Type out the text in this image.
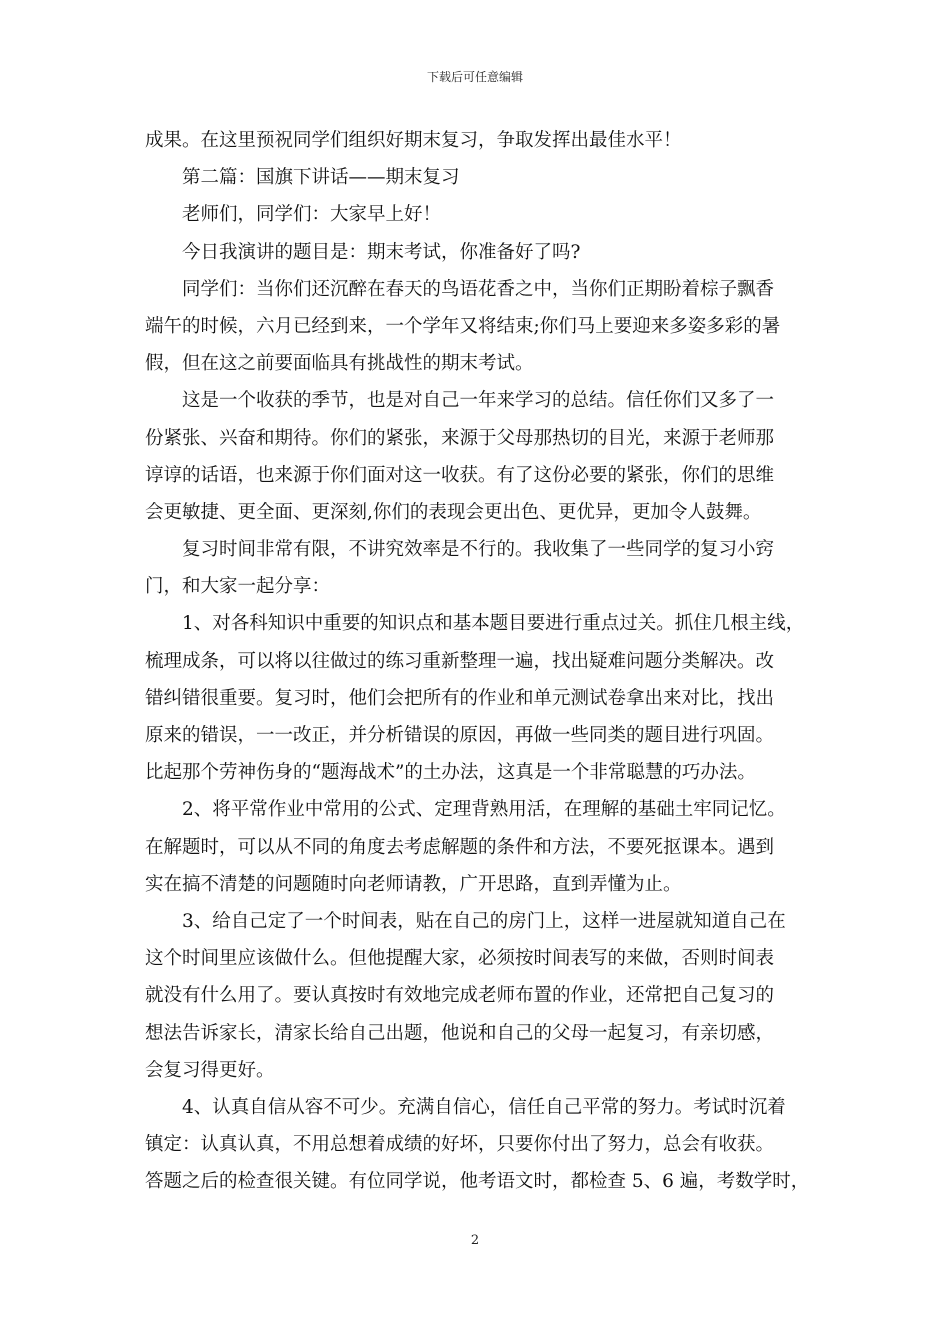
下载后可任意编辑
成果。在这里预祝同学们组织好期末复习，争取发挥出最佳水平！
第二篇：国旗下讲话——期末复习
老师们，同学们：大家早上好！
今日我演讲的题目是：期末考试，你准备好了吗?
同学们：当你们还沉醉在春天的鸟语花香之中，当你们正期盼着棕子飘香
端午的时候，六月已经到来，一个学年又将结束;你们马上要迎来多姿多彩的暑
假，但在这之前要面临具有挑战性的期末考试。
这是一个收获的季节，也是对自己一年来学习的总结。信任你们又多了一
份紧张、兴奋和期待。你们的紧张，来源于父母那热切的目光，来源于老师那
谆谆的话语，也来源于你们面对这一收获。有了这份必要的紧张，你们的思维
会更敏捷、更全面、更深刻,你们的表现会更出色、更优异，更加令人鼓舞。
复习时间非常有限，不讲究效率是不行的。我收集了一些同学的复习小窍
门，和大家一起分享：
1、对各科知识中重要的知识点和基本题目要进行重点过关。抓住几根主线，
梳理成条，可以将以往做过的练习重新整理一遍，找出疑难问题分类解决。改
错纠错很重要。复习时，他们会把所有的作业和单元测试卷拿出来对比，找出
原来的错误，一一改正，并分析错误的原因，再做一些同类的题目进行巩固。
比起那个劳神伤身的“题海战术”的土办法，这真是一个非常聪慧的巧办法。
2、将平常作业中常用的公式、定理背熟用活，在理解的基础土牢同记忆。
在解题时，可以从不同的角度去考虑解题的条件和方法，不要死抠课本。遇到
实在搞不清楚的问题随时向老师请教，广开思路，直到弄懂为止。
3、给自己定了一个时间表，贴在自己的房门上，这样一进屋就知道自己在
这个时间里应该做什么。但他提醒大家，必须按时间表写的来做，否则时间表
就没有什么用了。要认真按时有效地完成老师布置的作业，还常把自己复习的
想法告诉家长，清家长给自己出题，他说和自己的父母一起复习，有亲切感，
会复习得更好。
4、认真自信从容不可少。充满自信心，信任自己平常的努力。考试时沉着
镇定：认真认真，不用总想着成绩的好坏，只要你付出了努力，总会有收获。
答题之后的检查很关键。有位同学说，他考语文时，都检查 5、6 遍，考数学时，
2
